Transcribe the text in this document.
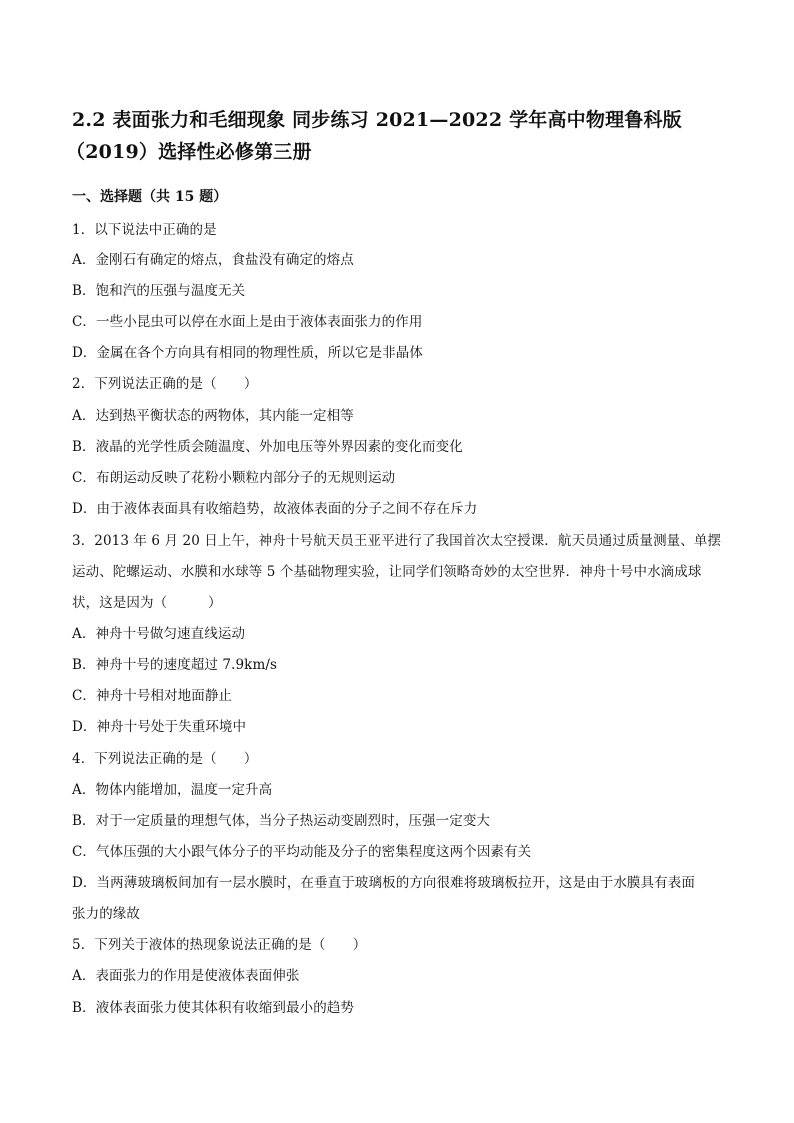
2.2 表面张力和毛细现象 同步练习 2021—2022 学年高中物理鲁科版
（2019）选择性必修第三册
一、选择题（共 15 题）
1．以下说法中正确的是
A．金刚石有确定的熔点，食盐没有确定的熔点
B．饱和汽的压强与温度无关
C．一些小昆虫可以停在水面上是由于液体表面张力的作用
D．金属在各个方向具有相同的物理性质，所以它是非晶体
2．下列说法正确的是（　　）
A．达到热平衡状态的两物体，其内能一定相等
B．液晶的光学性质会随温度、外加电压等外界因素的变化而变化
C．布朗运动反映了花粉小颗粒内部分子的无规则运动
D．由于液体表面具有收缩趋势，故液体表面的分子之间不存在斥力
3．2013 年 6 月 20 日上午，神舟十号航天员王亚平进行了我国首次太空授课．航天员通过质量测量、单摆
运动、陀螺运动、水膜和水球等 5 个基础物理实验，让同学们领略奇妙的太空世界．神舟十号中水滴成球
状，这是因为（　　　）
A．神舟十号做匀速直线运动
B．神舟十号的速度超过 7.9km/s
C．神舟十号相对地面静止
D．神舟十号处于失重环境中
4．下列说法正确的是（　　）
A．物体内能增加，温度一定升高
B．对于一定质量的理想气体，当分子热运动变剧烈时，压强一定变大
C．气体压强的大小跟气体分子的平均动能及分子的密集程度这两个因素有关
D．当两薄玻璃板间加有一层水膜时，在垂直于玻璃板的方向很难将玻璃板拉开，这是由于水膜具有表面
张力的缘故
5．下列关于液体的热现象说法正确的是（　　）
A．表面张力的作用是使液体表面伸张
B．液体表面张力使其体积有收缩到最小的趋势
